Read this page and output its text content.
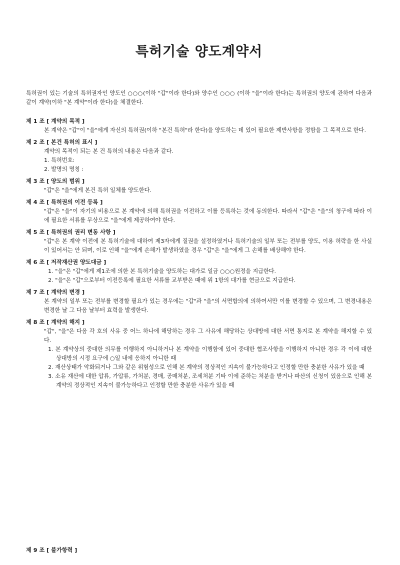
특허기술 양도계약서
특허권이 있는 기술의 특허권자인 양도인 ○○○(이하 "갑"이라 한다)와 양수인 ○○○ (이하 "을"이라 한다)는 특허권의 양도에 관하여 다음과 같이 계약(이하 "본 계약"이라 한다)을 체결한다.
제 1 조 [ 계약의 목적 ]
본 계약은 "갑"이 "을"에게 자신의 특허권(이하 "본건 특허"라 한다)을 양도하는 데 있어 필요한 제반사항을 정함을 그 목적으로 한다.
제 2 조 [ 본건 특허의 표시 ]
계약의 목적이 되는 본 건 특허의 내용은 다음과 같다.
1. 특허번호:
2. 발명의 명칭 :
제 3 조 [ 양도의 범위 ]
"갑"은 "을"에게 본건 특허 일체를 양도한다.
제 4 조 [ 특허권의 이전 등록 ]
"갑"은 "을"이 자기의 비용으로 본 계약에 의해 특허권을 이전하고 이를 등록하는 것에 동의한다. 따라서 "갑"은 "을"의 청구에 따라 이에 필요한 서류를 무상으로 "을"에게 제공하여야 한다.
제 5 조 [ 특허권의 권리 변동 사항 ]
"갑"은 본 계약 이전에 본 특허기술에 대하여 제3자에게 질권을 설정하였거나 특허기술의 일부 또는 전부를 양도, 이용 허락을 한 사실이 있어서는 안 되며, 이로 인해 "을"에게 손해가 발생하였을 경우 "갑"은 "을"에게 그 손해를 배상해야 한다.
제 6 조 [ 저작재산권 양도대금 ]
1. "을"은 "갑"에게 제1조에 의한 본 특허기술을 양도하는 대가로 일금 ○○○원정을 지급한다.
2. "을"은 "갑"으로부터 이전등록에 필요한 서류를 교부받은 때에 위 1항의 대가를 현금으로 지급한다.
제 7 조 [ 계약의 변경 ]
본 계약의 일부 또는 전부를 변경할 필요가 있는 경우에는 "갑"과 "을"의 서면합의에 의하여서만 이를 변경할 수 있으며, 그 변경내용은 변경한 날 그 다음 날부터 효력을 발생한다.
제 8 조 [ 계약의 해지 ]
"갑", "을"은 다음 각 호의 사유 중 어느 하나에 해당하는 경우 그 사유에 해당하는 상대방에 대한 서면 통지로 본 계약을 해지할 수 있다.
1. 본 계약상의 중대한 의무를 이행하지 아니하거나 본 계약을 이행함에 있어 중대한 협조사항을 이행하지 아니한 경우 각 이에 대한 상대방의 시정 요구에 ○일 내에 응하지 아니한 때
2. 재산상태가 악화되거나 그와 같은 위험성으로 인해 본 계약의 정상적인 지속이 불가능하다고 인정할 만한 충분한 사유가 있을 때
3. 소유 재산에 대한 압류, 가압류, 가처분, 경매, 공매처분, 조세처분 기타 이에 준하는 처분을 받거나 파산의 신청이 있음으로 인해 본 계약의 정상적인 지속이 불가능하다고 인정할 만한 충분한 사유가 있을 때
제 9 조 [ 불가항력 ]
